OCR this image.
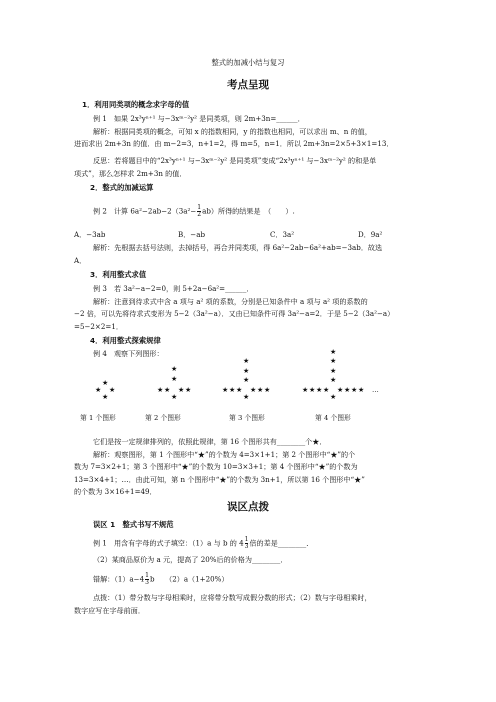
整式的加减小结与复习
考点呈现
1．利用同类项的概念求字母的值
例 1　如果 2x³yⁿ⁺¹ 与−3xᵐ⁻²y² 是同类项，则 2m+3n=______．
解析：根据同类项的概念，可知 x 的指数相同，y 的指数也相同，可以求出 m、n 的值，
进而求出 2m+3n 的值．由 m−2=3，n+1=2，得 m=5，n=1．所以 2m+3n=2×5+3×1=13．
反思：若将题目中的“2x³yⁿ⁺¹ 与−3xᵐ⁻²y² 是同类项”变成“2x³yⁿ⁺¹ 与−3xᵐ⁻²y² 的和是单
项式”，那么怎样求 2m+3n 的值．
2．整式的加减运算
例 2　计算 $6a^2-2ab-2(3a^2- \frac{1}{2} ab)$所得的结果是　（　　）.
A．−3ab	B．−ab	C．3a²	D．9a²
解析：先根据去括号法则，去掉括号，再合并同类项，得 6a²−2ab−6a²+ab=−3ab．故选
A．
3．利用整式求值
例 3　若 3a²−a−2=0，则 5+2a−6a²=______．
解析：注意到待求式中含 a 项与 a² 项的系数，分别是已知条件中 a 项与 a² 项的系数的
−2 倍，可以先将待求式变形为 5−2（3a²−a）．又由已知条件可得 3a²−a=2．于是 5−2（3a²−a）
=5−2×2=1．
4．利用整式探索规律
例 4　观察下列图形：
★
★ ★
★
★
★
★ ★ ★ ★
★
★
★
★
★ ★ ★ ★ ★ ★
★
★
★
★
★
★ ★ ★ ★ ★ ★ ★ ★
★
…
第 1 个图形	第 2 个图形	第 3 个图形	第 4 个图形
它们是按一定规律排列的，依照此规律，第 16 个图形共有________个★．
解析：观察图形，第 1 个图形中“★”的个数为 4=3×1+1；第 2 个图形中“★”的个
数为 7=3×2+1；第 3 个图形中“★”的个数为 10=3×3+1；第 4 个图形中“★”的个数为
13=3×4+1；…．由此可知，第 n 个图形中“★”的个数为 3n+1，所以第 16 个图形中“★”
的个数为 3×16+1=49．
误区点拨
误区 1　整式书写不规范
例 1　用含有字母的式子填空：（1）a 与 b 的 $4 \frac{1}{3}$ 倍的差是________．
（2）某商品原价为 a 元，提高了 20%后的价格为________．
错解：$(1)a-4 \frac{1}{3}$ b　　（2）a（1+20%）
点拨：（1）带分数与字母相乘时，应将带分数写成假分数的形式；（2）数与字母相乘时，
数字应写在字母前面．
